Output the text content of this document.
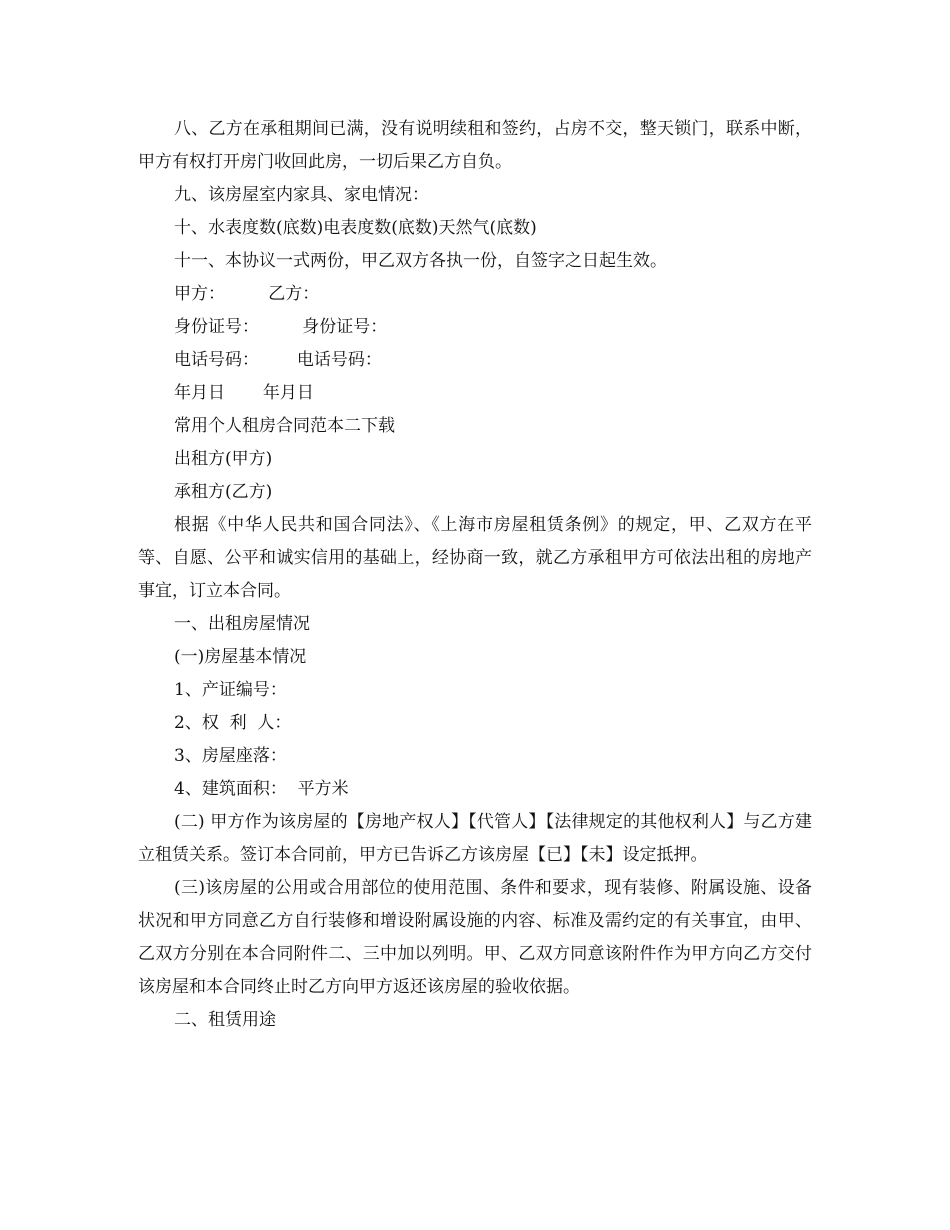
八、乙方在承租期间已满，没有说明续租和签约，占房不交，整天锁门，联系中断，甲方有权打开房门收回此房，一切后果乙方自负。

九、该房屋室内家具、家电情况：

十、水表度数(底数)电表度数(底数)天然气(底数)

十一、本协议一式两份，甲乙双方各执一份，自签字之日起生效。

甲方：        乙方：

身份证号：        身份证号：

电话号码：       电话号码：

年月日       年月日

常用个人租房合同范本二下载

出租方(甲方)

承租方(乙方)

根据《中华人民共和国合同法》、《上海市房屋租赁条例》的规定，甲、乙双方在平等、自愿、公平和诚实信用的基础上，经协商一致，就乙方承租甲方可依法出租的房地产事宜，订立本合同。

一、出租房屋情况

(一)房屋基本情况

1、产证编号：

2、权  利  人：

3、房屋座落：

4、建筑面积：  平方米

(二) 甲方作为该房屋的【房地产权人】【代管人】【法律规定的其他权利人】与乙方建立租赁关系。签订本合同前，甲方已告诉乙方该房屋【已】【未】设定抵押。

(三)该房屋的公用或合用部位的使用范围、条件和要求，现有装修、附属设施、设备状况和甲方同意乙方自行装修和增设附属设施的内容、标准及需约定的有关事宜，由甲、乙双方分别在本合同附件二、三中加以列明。甲、乙双方同意该附件作为甲方向乙方交付该房屋和本合同终止时乙方向甲方返还该房屋的验收依据。

二、租赁用途
